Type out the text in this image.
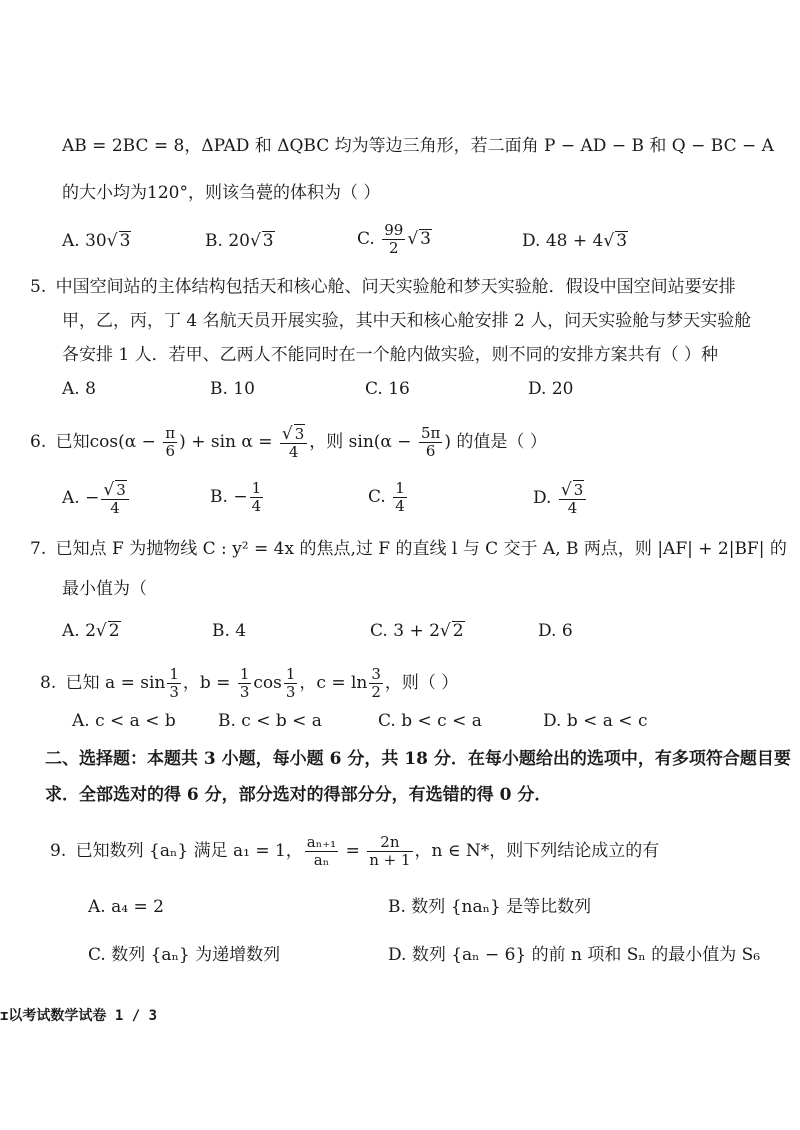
AB = 2BC = 8，ΔPAD 和 ΔQBC 均为等边三角形，若二面角 P − AD − B 和 Q − BC − A
的大小均为120°，则该刍甍的体积为（ ）
A. 30√ 3	B. 20√ 3	C. $\frac{99}{2}$ √ 3	D. 48 + 4√ 3
5. 中国空间站的主体结构包括天和核心舱、问天实验舱和梦天实验舱．假设中国空间站要安排
甲，乙，丙，丁 4 名航天员开展实验，其中天和核心舱安排 2 人，问天实验舱与梦天实验舱
各安排 1 人．若甲、乙两人不能同时在一个舱内做实验，则不同的安排方案共有（ ）种
A. 8	B. 10	C. 16	D. 20
6. 已知$\cos(\alpha - \frac{\pi}{6}$ ) + $\sin \alpha = \frac{√ 3}{4}$ ，则 $\sin(\alpha - \frac{5\pi}{6}$ ) 的值是（ ）
A. − $\frac{√ 3}{4}$	B. − $\frac{1}{4}$	C. $\frac{1}{4}$	D. $\frac{√ 3}{4}$
7. 已知点 F 为抛物线 C : y² = 4x 的焦点,过 F 的直线 l 与 C 交于 A, B 两点，则 |AF| + 2|BF| 的
最小值为（
A. 2√ 2	B. 4	C. 3 + 2√ 2	D. 6
8. 已知 $a = \sin \frac{1}{3}$ ，$b = \frac{1}{3}$ $\cos \frac{1}{3}$ ，$c = \ln \frac{3}{2}$ ，则（ ）
A. c < a < b B. c < b < a	C. b < c < a	D. b < a < c
二、选择题：本题共 3 小题，每小题 6 分，共 18 分．在每小题给出的选项中，有多项符合题目要
求．全部选对的得 6 分，部分选对的得部分分，有选错的得 0 分．
9. 已知数列 {aₙ} 满足 a₁ = 1， $\frac{\text{aₙ₊₁}}{\text{aₙ}} = \frac{2n}{n + 1}$ ，n ∈ N*，则下列结论成立的有
A. a₄ = 2	B. 数列 {naₙ} 是等比数列
C. 数列 {aₙ} 为递增数列	D. 数列 {aₙ − 6} 的前 n 项和 Sₙ 的最小值为 S₆
ɪ以考试数学试卷 1 / 3
